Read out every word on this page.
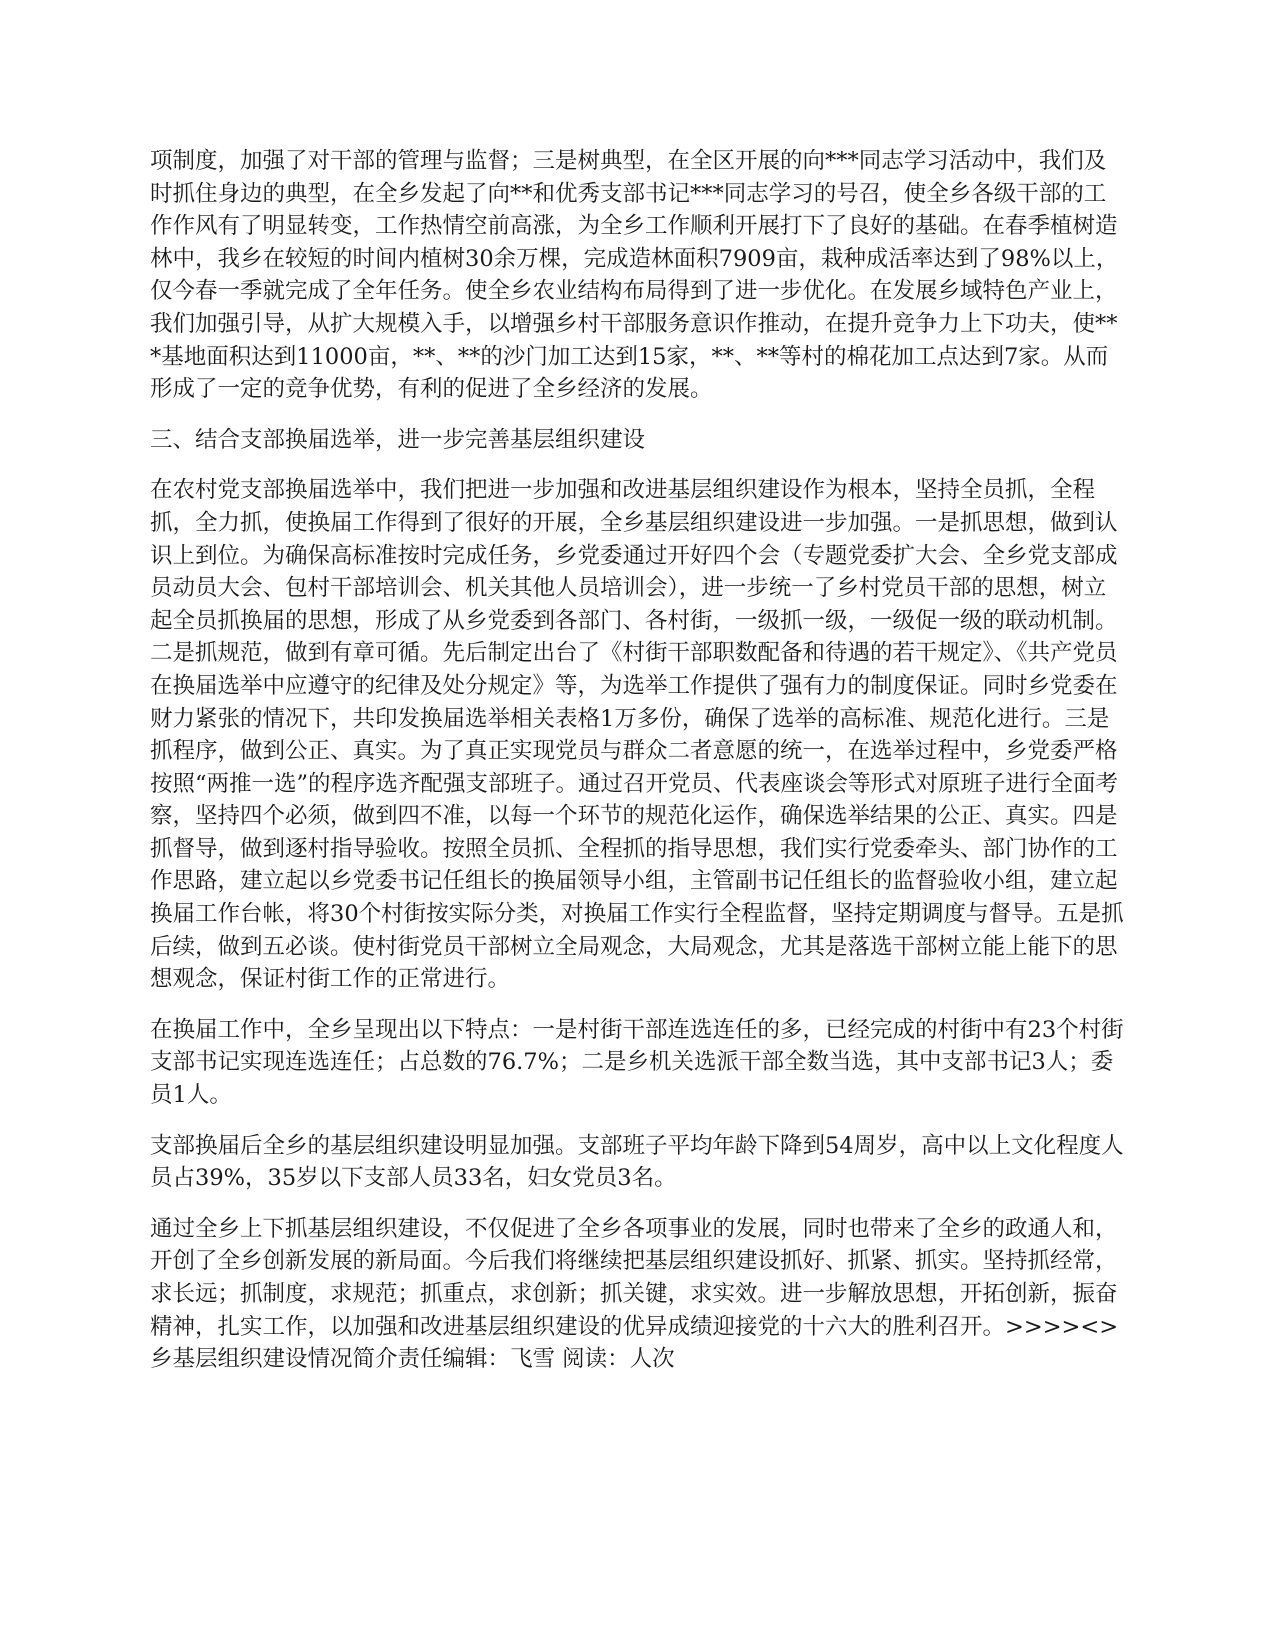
项制度，加强了对干部的管理与监督；三是树典型，在全区开展的向***同志学习活动中，我们及时抓住身边的典型，在全乡发起了向**和优秀支部书记***同志学习的号召，使全乡各级干部的工作作风有了明显转变，工作热情空前高涨，为全乡工作顺利开展打下了良好的基础。在春季植树造林中，我乡在较短的时间内植树30余万棵，完成造林面积7909亩，栽种成活率达到了98%以上，仅今春一季就完成了全年任务。使全乡农业结构布局得到了进一步优化。在发展乡域特色产业上，我们加强引导，从扩大规模入手，以增强乡村干部服务意识作推动，在提升竞争力上下功夫，使***基地面积达到11000亩，**、**的沙门加工达到15家，**、**等村的棉花加工点达到7家。从而形成了一定的竞争优势，有利的促进了全乡经济的发展。

三、结合支部换届选举，进一步完善基层组织建设

在农村党支部换届选举中，我们把进一步加强和改进基层组织建设作为根本，坚持全员抓，全程抓，全力抓，使换届工作得到了很好的开展，全乡基层组织建设进一步加强。一是抓思想，做到认识上到位。为确保高标准按时完成任务，乡党委通过开好四个会（专题党委扩大会、全乡党支部成员动员大会、包村干部培训会、机关其他人员培训会），进一步统一了乡村党员干部的思想，树立起全员抓换届的思想，形成了从乡党委到各部门、各村街，一级抓一级，一级促一级的联动机制。二是抓规范，做到有章可循。先后制定出台了《村街干部职数配备和待遇的若干规定》、《共产党员在换届选举中应遵守的纪律及处分规定》等，为选举工作提供了强有力的制度保证。同时乡党委在财力紧张的情况下，共印发换届选举相关表格1万多份，确保了选举的高标准、规范化进行。三是抓程序，做到公正、真实。为了真正实现党员与群众二者意愿的统一，在选举过程中，乡党委严格按照“两推一选”的程序选齐配强支部班子。通过召开党员、代表座谈会等形式对原班子进行全面考察，坚持四个必须，做到四不准，以每一个环节的规范化运作，确保选举结果的公正、真实。四是抓督导，做到逐村指导验收。按照全员抓、全程抓的指导思想，我们实行党委牵头、部门协作的工作思路，建立起以乡党委书记任组长的换届领导小组，主管副书记任组长的监督验收小组，建立起换届工作台帐，将30个村街按实际分类，对换届工作实行全程监督，坚持定期调度与督导。五是抓后续，做到五必谈。使村街党员干部树立全局观念，大局观念，尤其是落选干部树立能上能下的思想观念，保证村街工作的正常进行。

在换届工作中，全乡呈现出以下特点：一是村街干部连选连任的多，已经完成的村街中有23个村街支部书记实现连选连任；占总数的76.7%；二是乡机关选派干部全数当选，其中支部书记3人；委员1人。

支部换届后全乡的基层组织建设明显加强。支部班子平均年龄下降到54周岁，高中以上文化程度人员占39%，35岁以下支部人员33名，妇女党员3名。

通过全乡上下抓基层组织建设，不仅促进了全乡各项事业的发展，同时也带来了全乡的政通人和，开创了全乡创新发展的新局面。今后我们将继续把基层组织建设抓好、抓紧、抓实。坚持抓经常，求长远；抓制度，求规范；抓重点，求创新；抓关键，求实效。进一步解放思想，开拓创新，振奋精神，扎实工作，以加强和改进基层组织建设的优异成绩迎接党的十六大的胜利召开。>>>><>乡基层组织建设情况简介责任编辑：飞雪 阅读：人次
